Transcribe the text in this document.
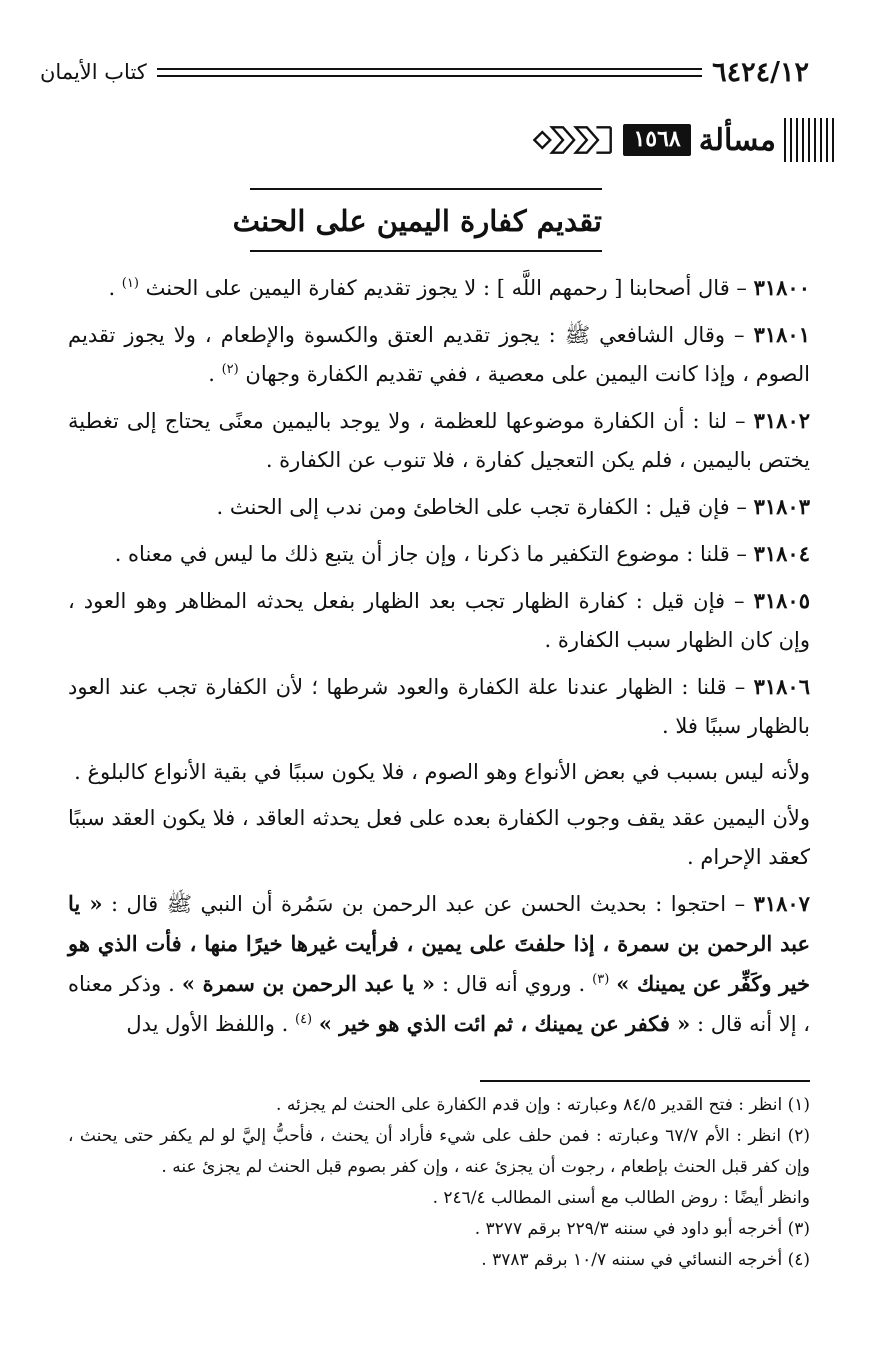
٦٤٢٤/١٢
كتاب الأيمان
مسألة
١٥٦٨
تقديم كفارة اليمين على الحنث

٣١٨٠٠ – قال أصحابنا [ رحمهم اللَّه ] : لا يجوز تقديم كفارة اليمين على الحنث $^{(١)}$ .

٣١٨٠١ – وقال الشافعي ﷺ : يجوز تقديم العتق والكسوة والإطعام ، ولا يجوز تقديم الصوم ، وإذا كانت اليمين على معصية ، ففي تقديم الكفارة وجهان $^{(٢)}$ .

٣١٨٠٢ – لنا : أن الكفارة موضوعها للعظمة ، ولا يوجد باليمين معنًى يحتاج إلى تغطية يختص باليمين ، فلم يكن التعجيل كفارة ، فلا تنوب عن الكفارة .

٣١٨٠٣ – فإن قيل : الكفارة تجب على الخاطئ ومن ندب إلى الحنث .

٣١٨٠٤ – قلنا : موضوع التكفير ما ذكرنا ، وإن جاز أن يتبع ذلك ما ليس في معناه .

٣١٨٠٥ – فإن قيل : كفارة الظهار تجب بعد الظهار بفعل يحدثه المظاهر وهو العود ، وإن كان الظهار سبب الكفارة .

٣١٨٠٦ – قلنا : الظهار عندنا علة الكفارة والعود شرطها ؛ لأن الكفارة تجب عند العود بالظهار سببًا فلا .

ولأنه ليس بسبب في بعض الأنواع وهو الصوم ، فلا يكون سببًا في بقية الأنواع كالبلوغ .

ولأن اليمين عقد يقف وجوب الكفارة بعده على فعل يحدثه العاقد ، فلا يكون العقد سببًا كعقد الإحرام .

٣١٨٠٧ – احتجوا : بحديث الحسن عن عبد الرحمن بن سَمُرة أن النبي ﷺ قال : « يا عبد الرحمن بن سمرة ، إذا حلفتَ على يمين ، فرأيت غيرها خيرًا منها ، فأت الذي هو خير وكَفِّر عن يمينك » $^{(٣)}$ . وروي أنه قال : « يا عبد الرحمن بن سمرة » . وذكر معناه ، إلا أنه قال : « فكفر عن يمينك ، ثم ائت الذي هو خير » $^{(٤)}$ . واللفظ الأول يدل

(١) انظر : فتح القدير ٨٤/٥ وعبارته : وإن قدم الكفارة على الحنث لم يجزئه .

(٢) انظر : الأم ٦٧/٧ وعبارته : فمن حلف على شيء فأراد أن يحنث ، فأحبُّ إليَّ لو لم يكفر حتى يحنث ، وإن كفر قبل الحنث بإطعام ، رجوت أن يجزئ عنه ، وإن كفر بصوم قبل الحنث لم يجزئ عنه .

وانظر أيضًا : روض الطالب مع أسنى المطالب ٢٤٦/٤ .

(٣) أخرجه أبو داود في سننه ٢٢٩/٣ برقم ٣٢٧٧ .

(٤) أخرجه النسائي في سننه ١٠/٧ برقم ٣٧٨٣ .
